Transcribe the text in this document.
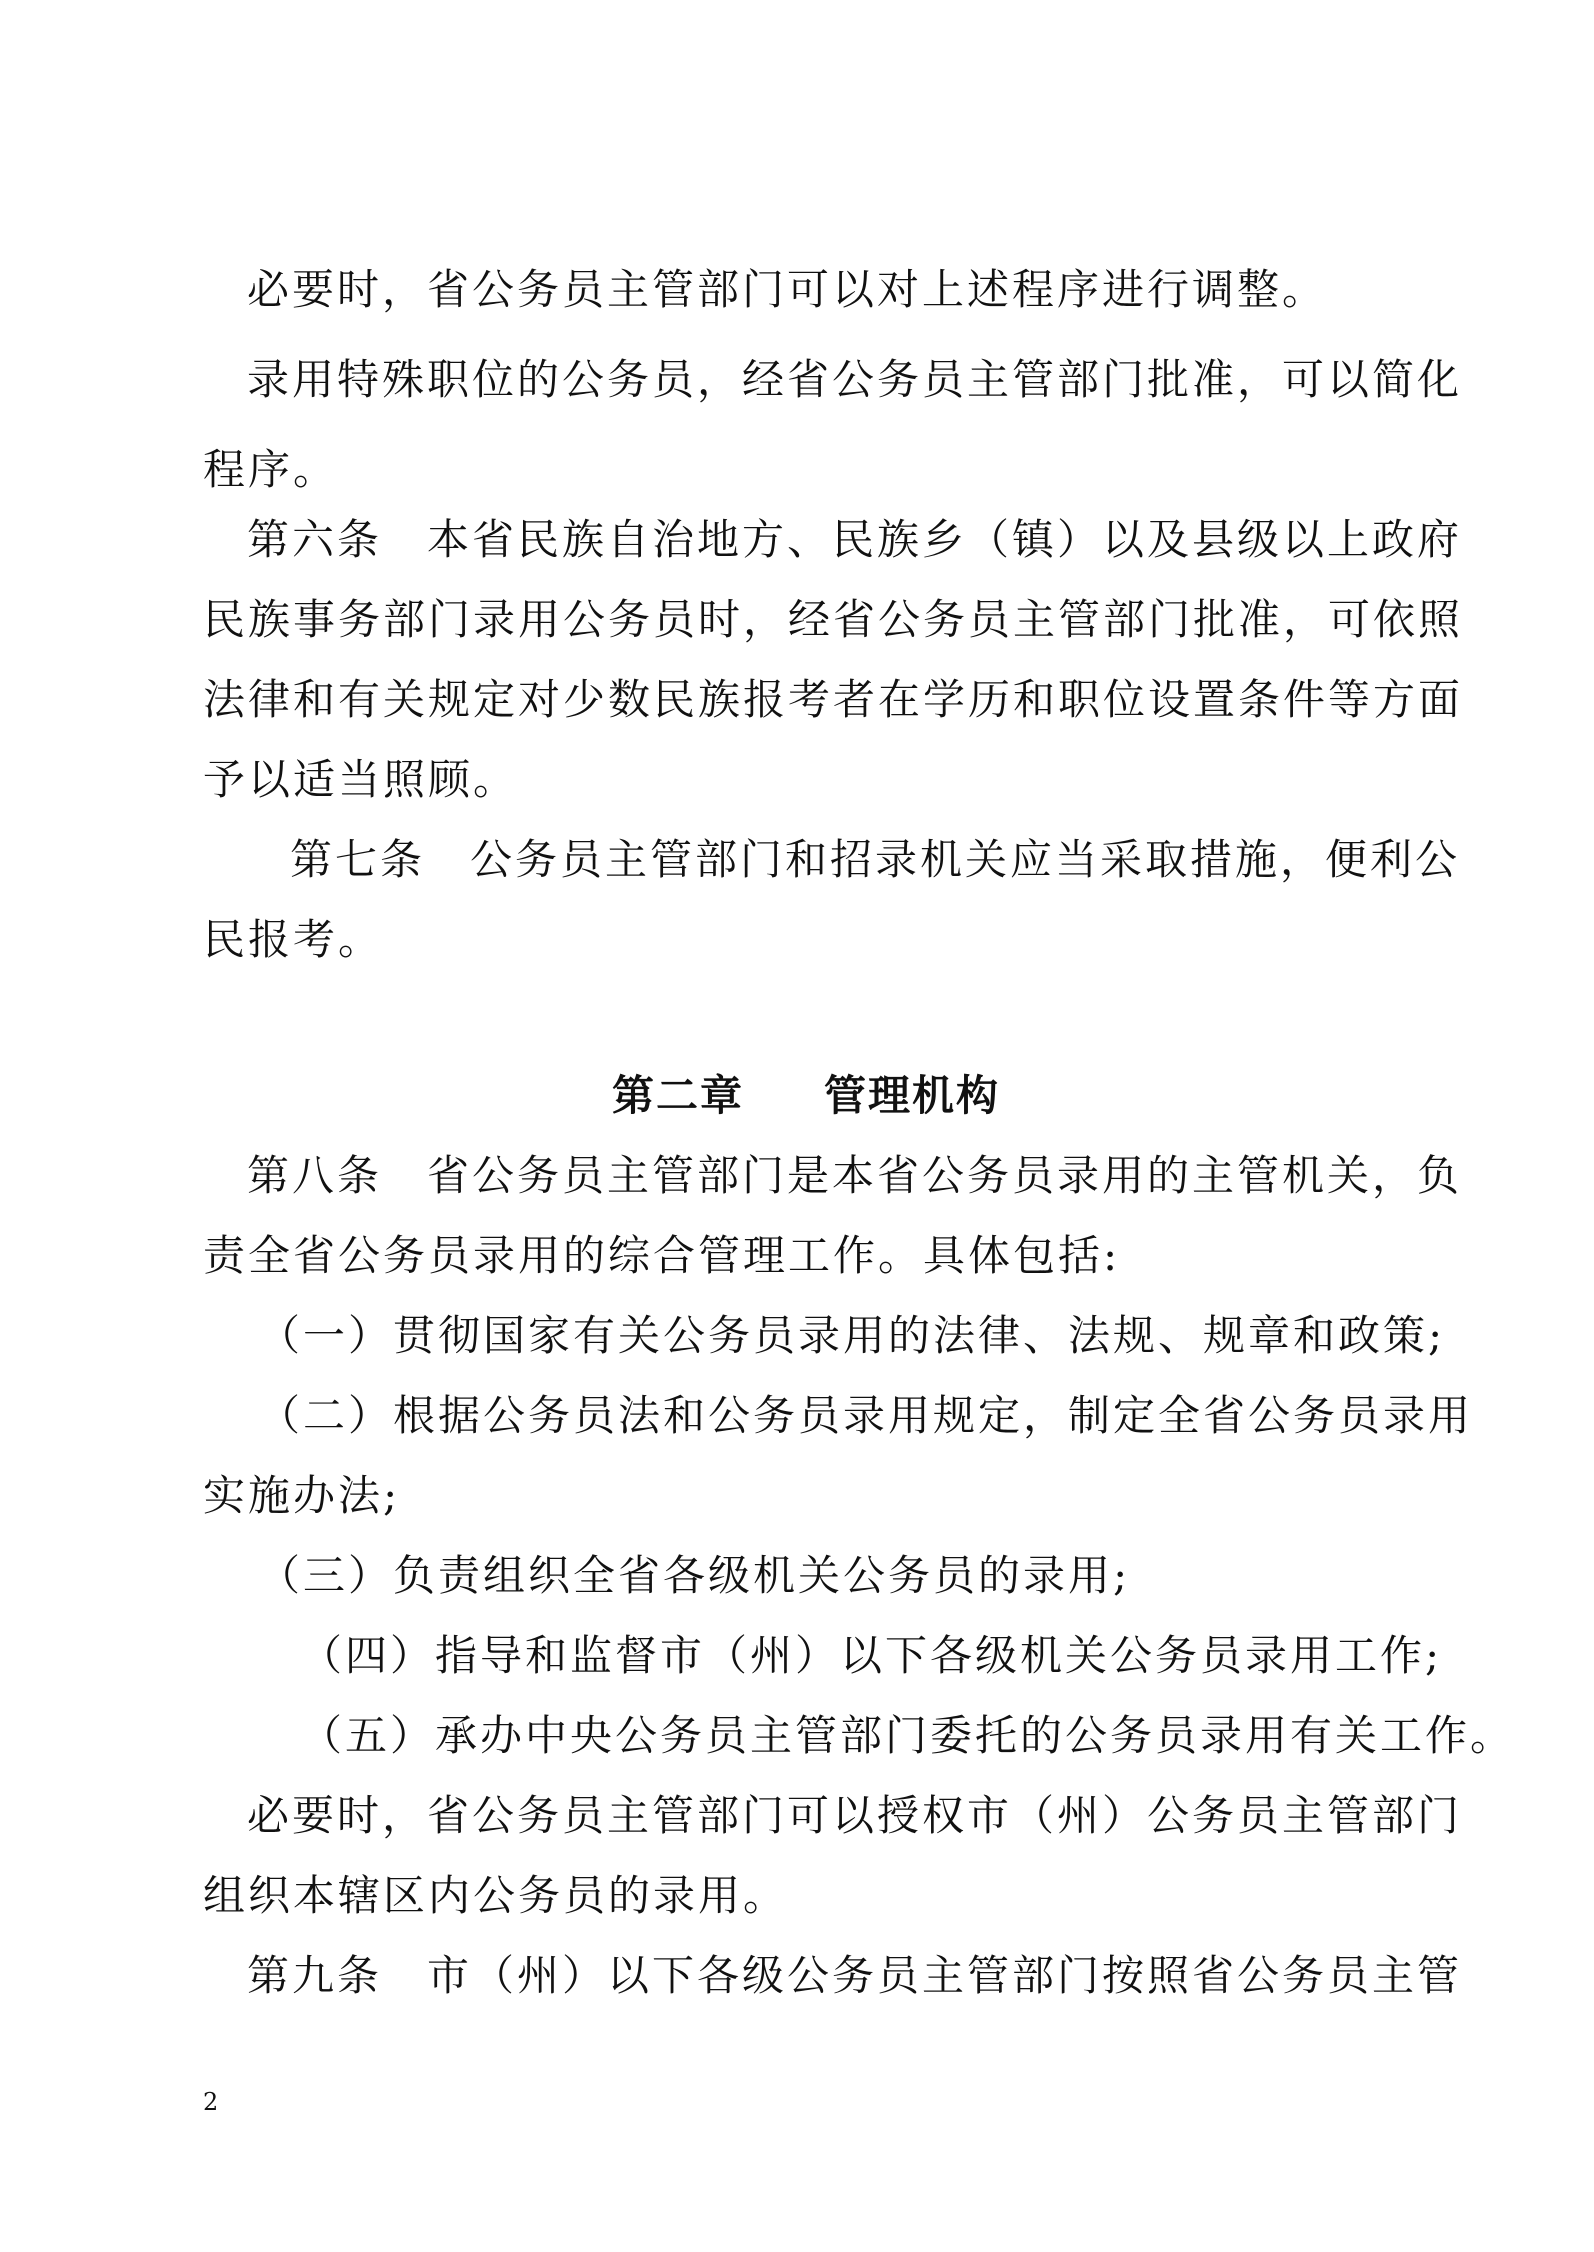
必要时，省公务员主管部门可以对上述程序进行调整。
录用特殊职位的公务员，经省公务员主管部门批准，可以简化
程序。
第六条　本省民族自治地方、民族乡（镇）以及县级以上政府
民族事务部门录用公务员时，经省公务员主管部门批准，可依照
法律和有关规定对少数民族报考者在学历和职位设置条件等方面
予以适当照顾。
第七条　公务员主管部门和招录机关应当采取措施，便利公
民报考。
第二章 管理机构
第八条　省公务员主管部门是本省公务员录用的主管机关，负
责全省公务员录用的综合管理工作。具体包括:
（一）贯彻国家有关公务员录用的法律、法规、规章和政策;
（二）根据公务员法和公务员录用规定，制定全省公务员录用
实施办法;
（三）负责组织全省各级机关公务员的录用;
（四）指导和监督市（州）以下各级机关公务员录用工作;
（五）承办中央公务员主管部门委托的公务员录用有关工作。
必要时，省公务员主管部门可以授权市（州）公务员主管部门
组织本辖区内公务员的录用。
第九条　市（州）以下各级公务员主管部门按照省公务员主管
2
